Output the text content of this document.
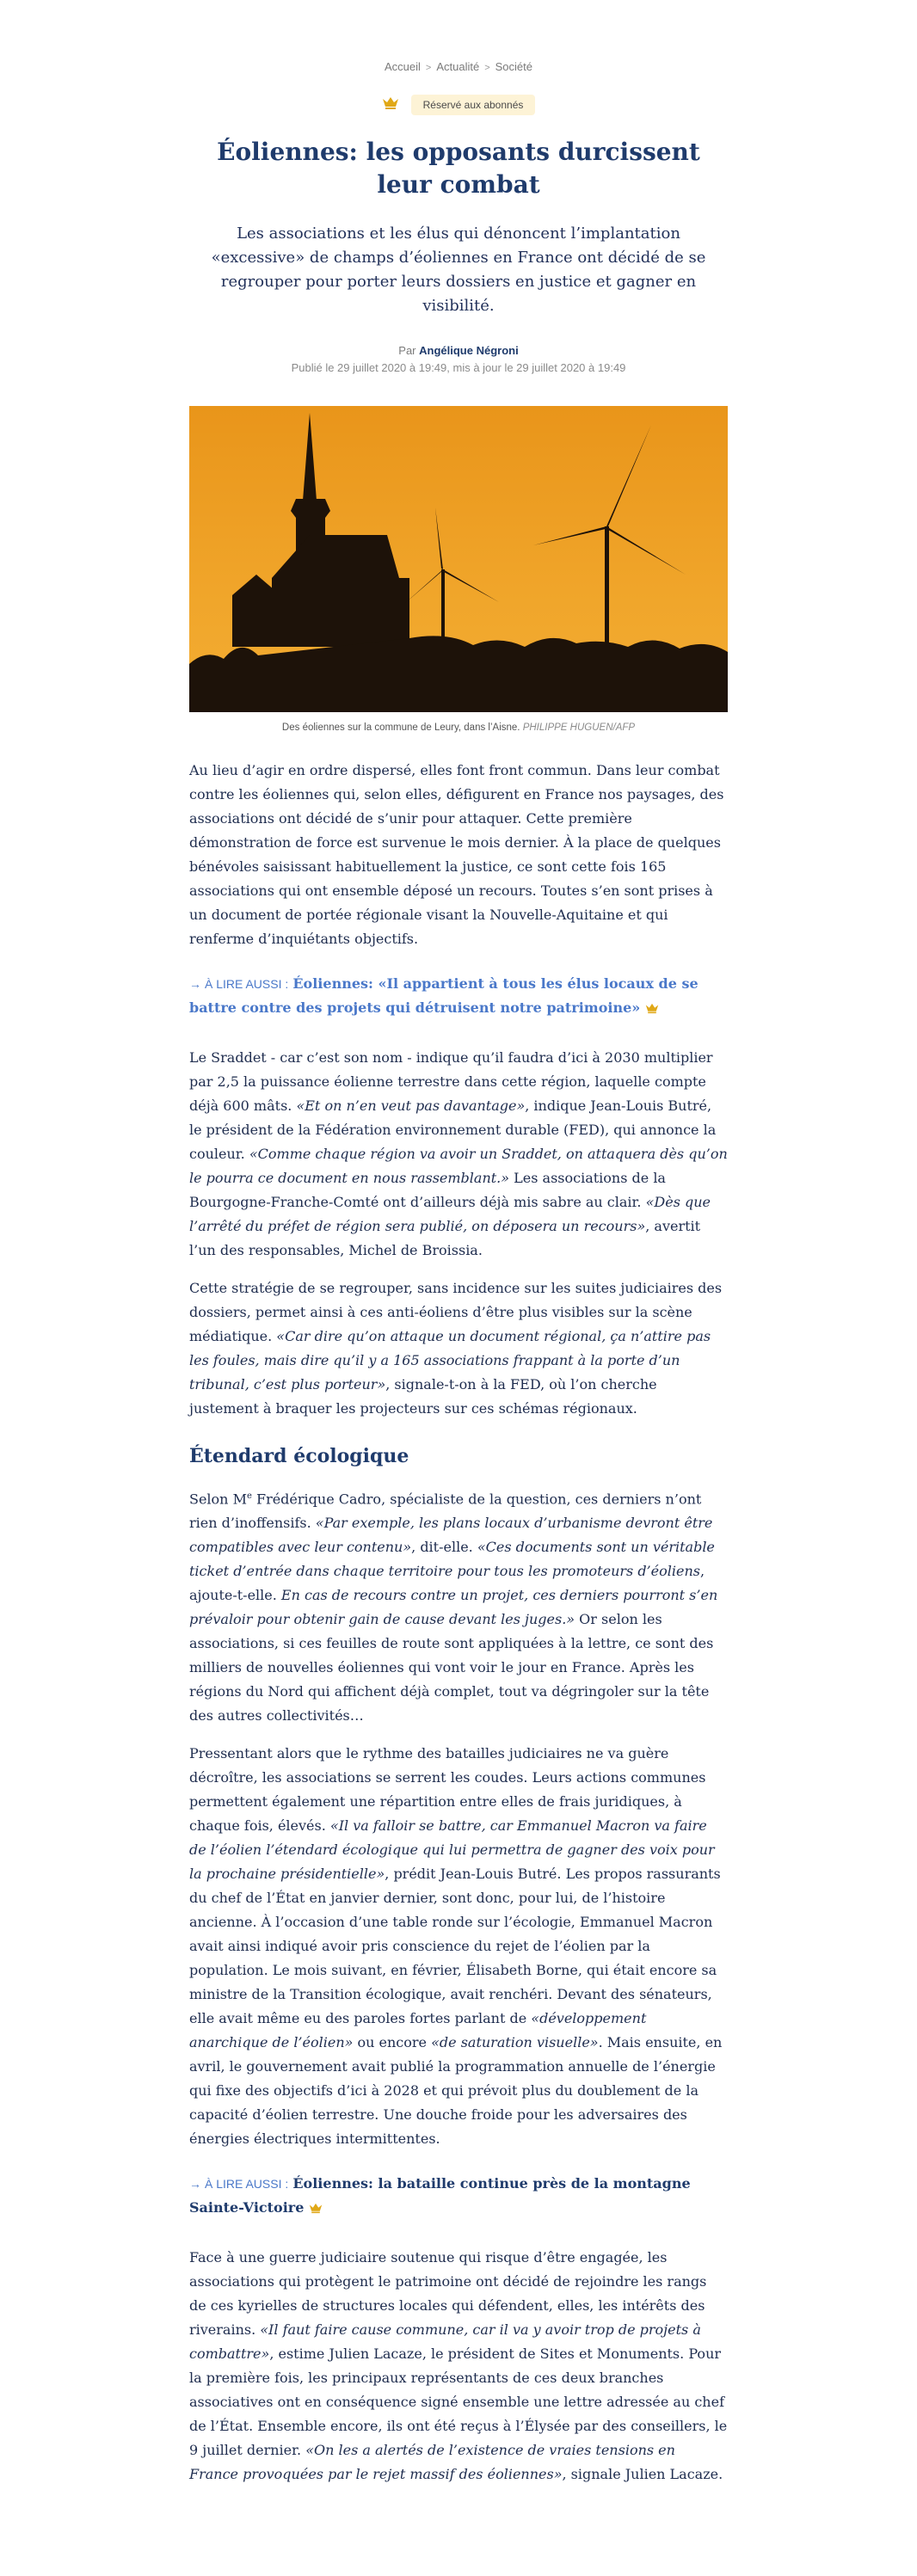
Accueil > Actualité > Société
Réservé aux abonnés
Éoliennes: les opposants durcissent leur combat
Les associations et les élus qui dénoncent l’implantation «excessive» de champs d’éoliennes en France ont décidé de se regrouper pour porter leurs dossiers en justice et gagner en visibilité.
Par Angélique Négroni
Publié le 29 juillet 2020 à 19:49, mis à jour le 29 juillet 2020 à 19:49
Des éoliennes sur la commune de Leury, dans l’Aisne. PHILIPPE HUGUEN/AFP

Au lieu d’agir en ordre dispersé, elles font front commun. Dans leur combat contre les éoliennes qui, selon elles, défigurent en France nos paysages, des associations ont décidé de s’unir pour attaquer. Cette première démonstration de force est survenue le mois dernier. À la place de quelques bénévoles saisissant habituellement la justice, ce sont cette fois 165 associations qui ont ensemble déposé un recours. Toutes s’en sont prises à un document de portée régionale visant la Nouvelle-Aquitaine et qui renferme d’inquiétants objectifs.

→ À LIRE AUSSI : Éoliennes: «Il appartient à tous les élus locaux de se battre contre des projets qui détruisent notre patrimoine»

Le Sraddet - car c’est son nom - indique qu’il faudra d’ici à 2030 multiplier par 2,5 la puissance éolienne terrestre dans cette région, laquelle compte déjà 600 mâts. «Et on n’en veut pas davantage», indique Jean-Louis Butré, le président de la Fédération environnement durable (FED), qui annonce la couleur. «Comme chaque région va avoir un Sraddet, on attaquera dès qu’on le pourra ce document en nous rassemblant.» Les associations de la Bourgogne-Franche-Comté ont d’ailleurs déjà mis sabre au clair. «Dès que l’arrêté du préfet de région sera publié, on déposera un recours», avertit l’un des responsables, Michel de Broissia.

Cette stratégie de se regrouper, sans incidence sur les suites judiciaires des dossiers, permet ainsi à ces anti-éoliens d’être plus visibles sur la scène médiatique. «Car dire qu’on attaque un document régional, ça n’attire pas les foules, mais dire qu’il y a 165 associations frappant à la porte d’un tribunal, c’est plus porteur», signale-t-on à la FED, où l’on cherche justement à braquer les projecteurs sur ces schémas régionaux.

Étendard écologique

Selon Me Frédérique Cadro, spécialiste de la question, ces derniers n’ont rien d’inoffensifs. «Par exemple, les plans locaux d’urbanisme devront être compatibles avec leur contenu», dit-elle. «Ces documents sont un véritable ticket d’entrée dans chaque territoire pour tous les promoteurs d’éoliens, ajoute-t-elle. En cas de recours contre un projet, ces derniers pourront s’en prévaloir pour obtenir gain de cause devant les juges.» Or selon les associations, si ces feuilles de route sont appliquées à la lettre, ce sont des milliers de nouvelles éoliennes qui vont voir le jour en France. Après les régions du Nord qui affichent déjà complet, tout va dégringoler sur la tête des autres collectivités…

Pressentant alors que le rythme des batailles judiciaires ne va guère décroître, les associations se serrent les coudes. Leurs actions communes permettent également une répartition entre elles de frais juridiques, à chaque fois, élevés. «Il va falloir se battre, car Emmanuel Macron va faire de l’éolien l’étendard écologique qui lui permettra de gagner des voix pour la prochaine présidentielle», prédit Jean-Louis Butré. Les propos rassurants du chef de l’État en janvier dernier, sont donc, pour lui, de l’histoire ancienne. À l’occasion d’une table ronde sur l’écologie, Emmanuel Macron avait ainsi indiqué avoir pris conscience du rejet de l’éolien par la population. Le mois suivant, en février, Élisabeth Borne, qui était encore sa ministre de la Transition écologique, avait renchéri. Devant des sénateurs, elle avait même eu des paroles fortes parlant de «développement anarchique de l’éolien» ou encore «de saturation visuelle». Mais ensuite, en avril, le gouvernement avait publié la programmation annuelle de l’énergie qui fixe des objectifs d’ici à 2028 et qui prévoit plus du doublement de la capacité d’éolien terrestre. Une douche froide pour les adversaires des énergies électriques intermittentes.

→ À LIRE AUSSI : Éoliennes: la bataille continue près de la montagne Sainte-Victoire

Face à une guerre judiciaire soutenue qui risque d’être engagée, les associations qui protègent le patrimoine ont décidé de rejoindre les rangs de ces kyrielles de structures locales qui défendent, elles, les intérêts des riverains. «Il faut faire cause commune, car il va y avoir trop de projets à combattre», estime Julien Lacaze, le président de Sites et Monuments. Pour la première fois, les principaux représentants de ces deux branches associatives ont en conséquence signé ensemble une lettre adressée au chef de l’État. Ensemble encore, ils ont été reçus à l’Élysée par des conseillers, le 9 juillet dernier. «On les a alertés de l’existence de vraies tensions en France provoquées par le rejet massif des éoliennes», signale Julien Lacaze.
